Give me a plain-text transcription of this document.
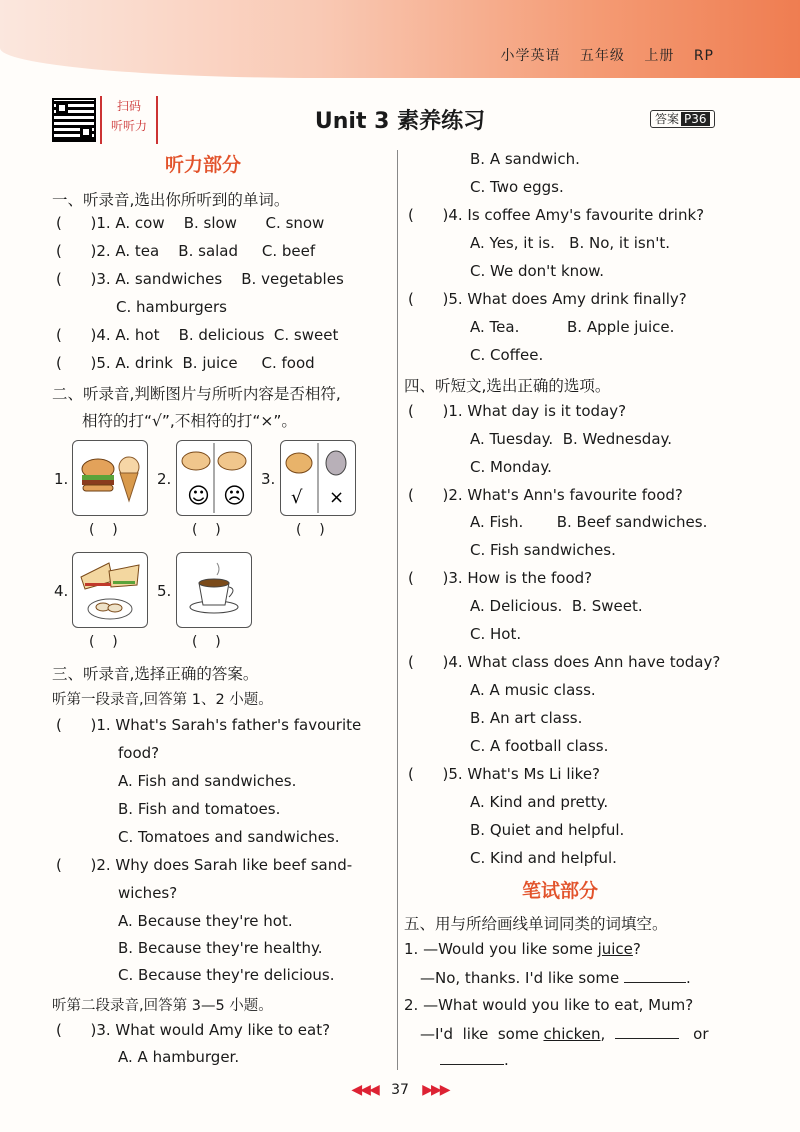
小学英语 五年级 上册 RP
扫码
听听力	Unit 3 素养练习	答案 P36
听力部分
一、听录音,选出你所听到的单词。
(      )1. A. cow    B. slow      C. snow
(      )2. A. tea    B. salad     C. beef
(      )3. A. sandwiches    B. vegetables
C. hamburgers
(      )4. A. hot    B. delicious  C. sweet
(      )5. A. drink  B. juice     C. food
二、听录音,判断图片与所听内容是否相符,
相符的打“√”,不相符的打“×”。
1.
(    )
2.
☺ ☹
(    )
3.
√ ×
(    )
4.
(    )
5.
(    )
三、听录音,选择正确的答案。
听第一段录音,回答第 1、2 小题。
(      )1. What's Sarah's father's favourite
food?
A. Fish and sandwiches.
B. Fish and tomatoes.
C. Tomatoes and sandwiches.
(      )2. Why does Sarah like beef sand-
wiches?
A. Because they're hot.
B. Because they're healthy.
C. Because they're delicious.
听第二段录音,回答第 3—5 小题。
(      )3. What would Amy like to eat?
A. A hamburger.
B. A sandwich.
C. Two eggs.
(      )4. Is coffee Amy's favourite drink?
A. Yes, it is.   B. No, it isn't.
C. We don't know.
(      )5. What does Amy drink finally?
A. Tea.          B. Apple juice.
C. Coffee.
四、听短文,选出正确的选项。
(      )1. What day is it today?
A. Tuesday.  B. Wednesday.
C. Monday.
(      )2. What's Ann's favourite food?
A. Fish.       B. Beef sandwiches.
C. Fish sandwiches.
(      )3. How is the food?
A. Delicious.  B. Sweet.
C. Hot.
(      )4. What class does Ann have today?
A. A music class.
B. An art class.
C. A football class.
(      )5. What's Ms Li like?
A. Kind and pretty.
B. Quiet and helpful.
C. Kind and helpful.
笔试部分
五、用与所给画线单词同类的词填空。
1. —Would you like some juice?
—No, thanks. I'd like some	.
2. —What would you like to eat, Mum?
—I'd  like  some chicken,	or
.
◀◀◀ 37 ▶▶▶
